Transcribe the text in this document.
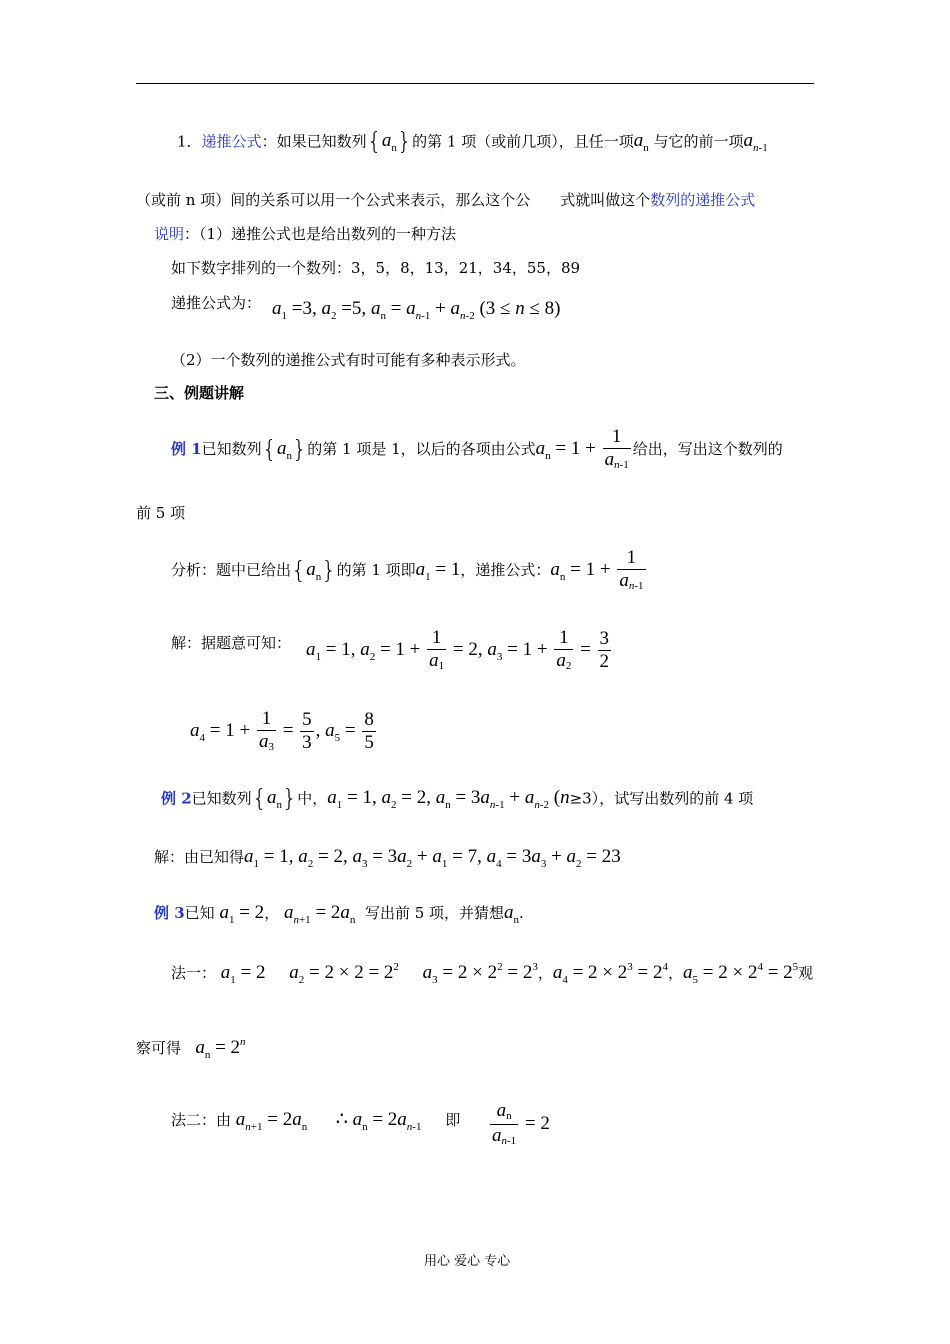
1．递推公式：如果已知数列$\{a_n\}$的第 1 项（或前几项），且任一项$a_n$ 与它的前一项$a_{n-1}$
（或前 n 项）间的关系可以用一个公式来表示，那么这个公　　式就叫做这个数列的递推公式
说明：（1）递推公式也是给出数列的一种方法
如下数字排列的一个数列：3，5，8，13，21，34，55，89
递推公式为： $a_1 =3$, $a_2 =5$, $a_n = a_{n-1} + a_{n-2}$ (3 ≤ n ≤ 8)
（2）一个数列的递推公式有时可能有多种表示形式。
三、例题讲解
例 1已知数列$\{a_n\}$的第 1 项是 1，以后的各项由公式$a_n = 1 + \frac{1}{an-1}$ 给出，写出这个数列的
前 5 项
分析：题中已给出$\{a_n\}$的第 1 项即$a_1 = 1$，递推公式：$a_n = 1 + \frac{1}{an-1}$
解：据题意可知： $a_1 = 1$, $a_2 = 1 + \frac{1}{a1} = 2$, $a_3 = 1 + \frac{1}{a2} = \frac{3}{2}$
$a_4 = 1 + \frac{1}{a3} = \frac{5}{3}$ , $a_5 = \frac{8}{5}$
例 2已知数列$\{a_n\}$中，$a_1 = 1$, $a_2 = 2$, $a_n = 3a_{n-1} + a_{n-2}$ (n≥3），试写出数列的前 4 项
解：由已知得$a_1 = 1$, $a_2 = 2$, $a_3 = 3a_2 + a_1 = 7$, $a_4 = 3a_3 + a_2 = 23$
例 3已知 $a_1 = 2$， $a_{n+1} = 2a_n$ 写出前 5 项，并猜想$a_n$.
法一： $a_1 = 2$     $a_2 = 2 \times 2 = 2^2$ $a_3 = 2 \times 2^2 = 2^3$，$a_4 = 2 \times 2^3 = 2^4$，$a_5 = 2 \times 2^4 = 2^5$观
察可得 $a_n = 2^n$
法二：由 $a_{n+1} = 2a_n$      ∴ $a_n = 2a_{n-1}$ 即 $\frac{an}{an-1} = 2$
用心 爱心 专心
